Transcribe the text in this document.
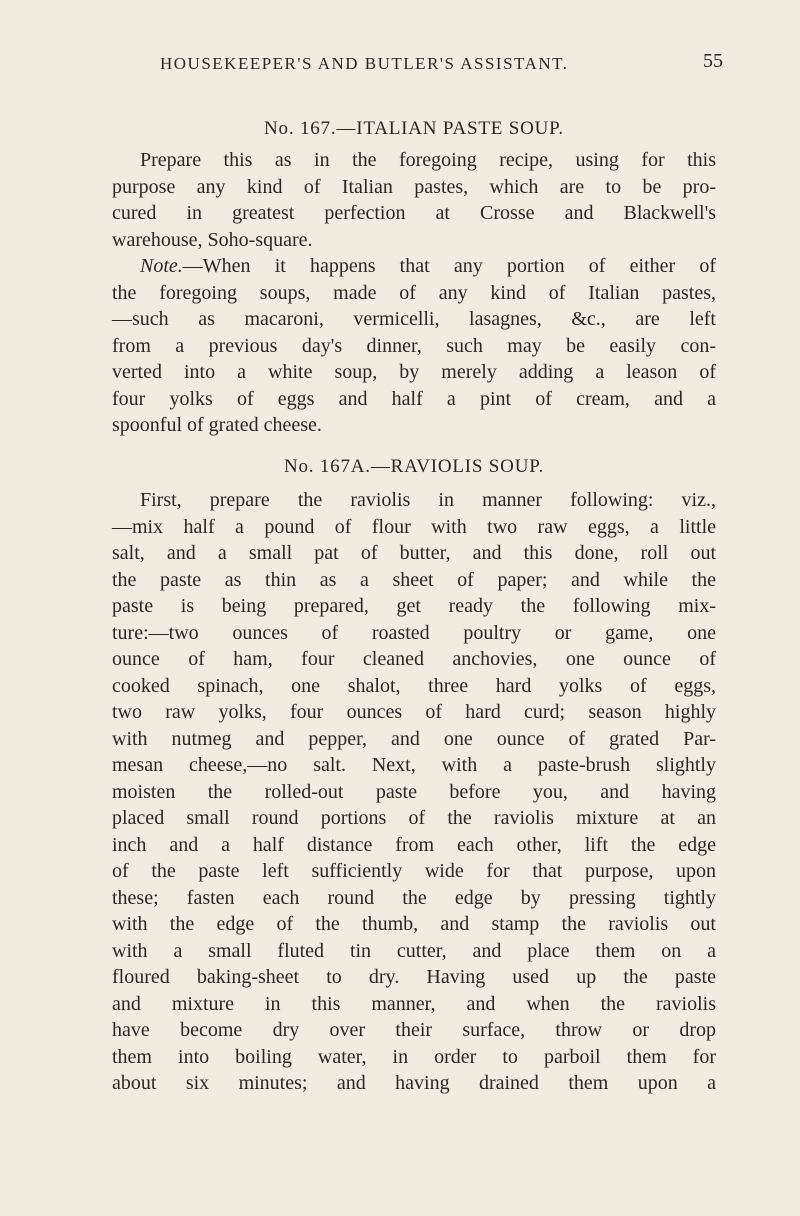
HOUSEKEEPER'S AND BUTLER'S ASSISTANT.	55
No. 167.—ITALIAN PASTE SOUP.
Prepare this as in the foregoing recipe, using for this
purpose any kind of Italian pastes, which are to be pro-
cured in greatest perfection at Crosse and Blackwell's
warehouse, Soho-square.
Note.—When it happens that any portion of either of
the foregoing soups, made of any kind of Italian pastes,
—such as macaroni, vermicelli, lasagnes, &c., are left
from a previous day's dinner, such may be easily con-
verted into a white soup, by merely adding a leason of
four yolks of eggs and half a pint of cream, and a
spoonful of grated cheese.
No. 167A.—RAVIOLIS SOUP.
First, prepare the raviolis in manner following: viz.,
—mix half a pound of flour with two raw eggs, a little
salt, and a small pat of butter, and this done, roll out
the paste as thin as a sheet of paper; and while the
paste is being prepared, get ready the following mix-
ture:—two ounces of roasted poultry or game, one
ounce of ham, four cleaned anchovies, one ounce of
cooked spinach, one shalot, three hard yolks of eggs,
two raw yolks, four ounces of hard curd; season highly
with nutmeg and pepper, and one ounce of grated Par-
mesan cheese,—no salt. Next, with a paste-brush slightly
moisten the rolled-out paste before you, and having
placed small round portions of the raviolis mixture at an
inch and a half distance from each other, lift the edge
of the paste left sufficiently wide for that purpose, upon
these; fasten each round the edge by pressing tightly
with the edge of the thumb, and stamp the raviolis out
with a small fluted tin cutter, and place them on a
floured baking-sheet to dry. Having used up the paste
and mixture in this manner, and when the raviolis
have become dry over their surface, throw or drop
them into boiling water, in order to parboil them for
about six minutes; and having drained them upon a
